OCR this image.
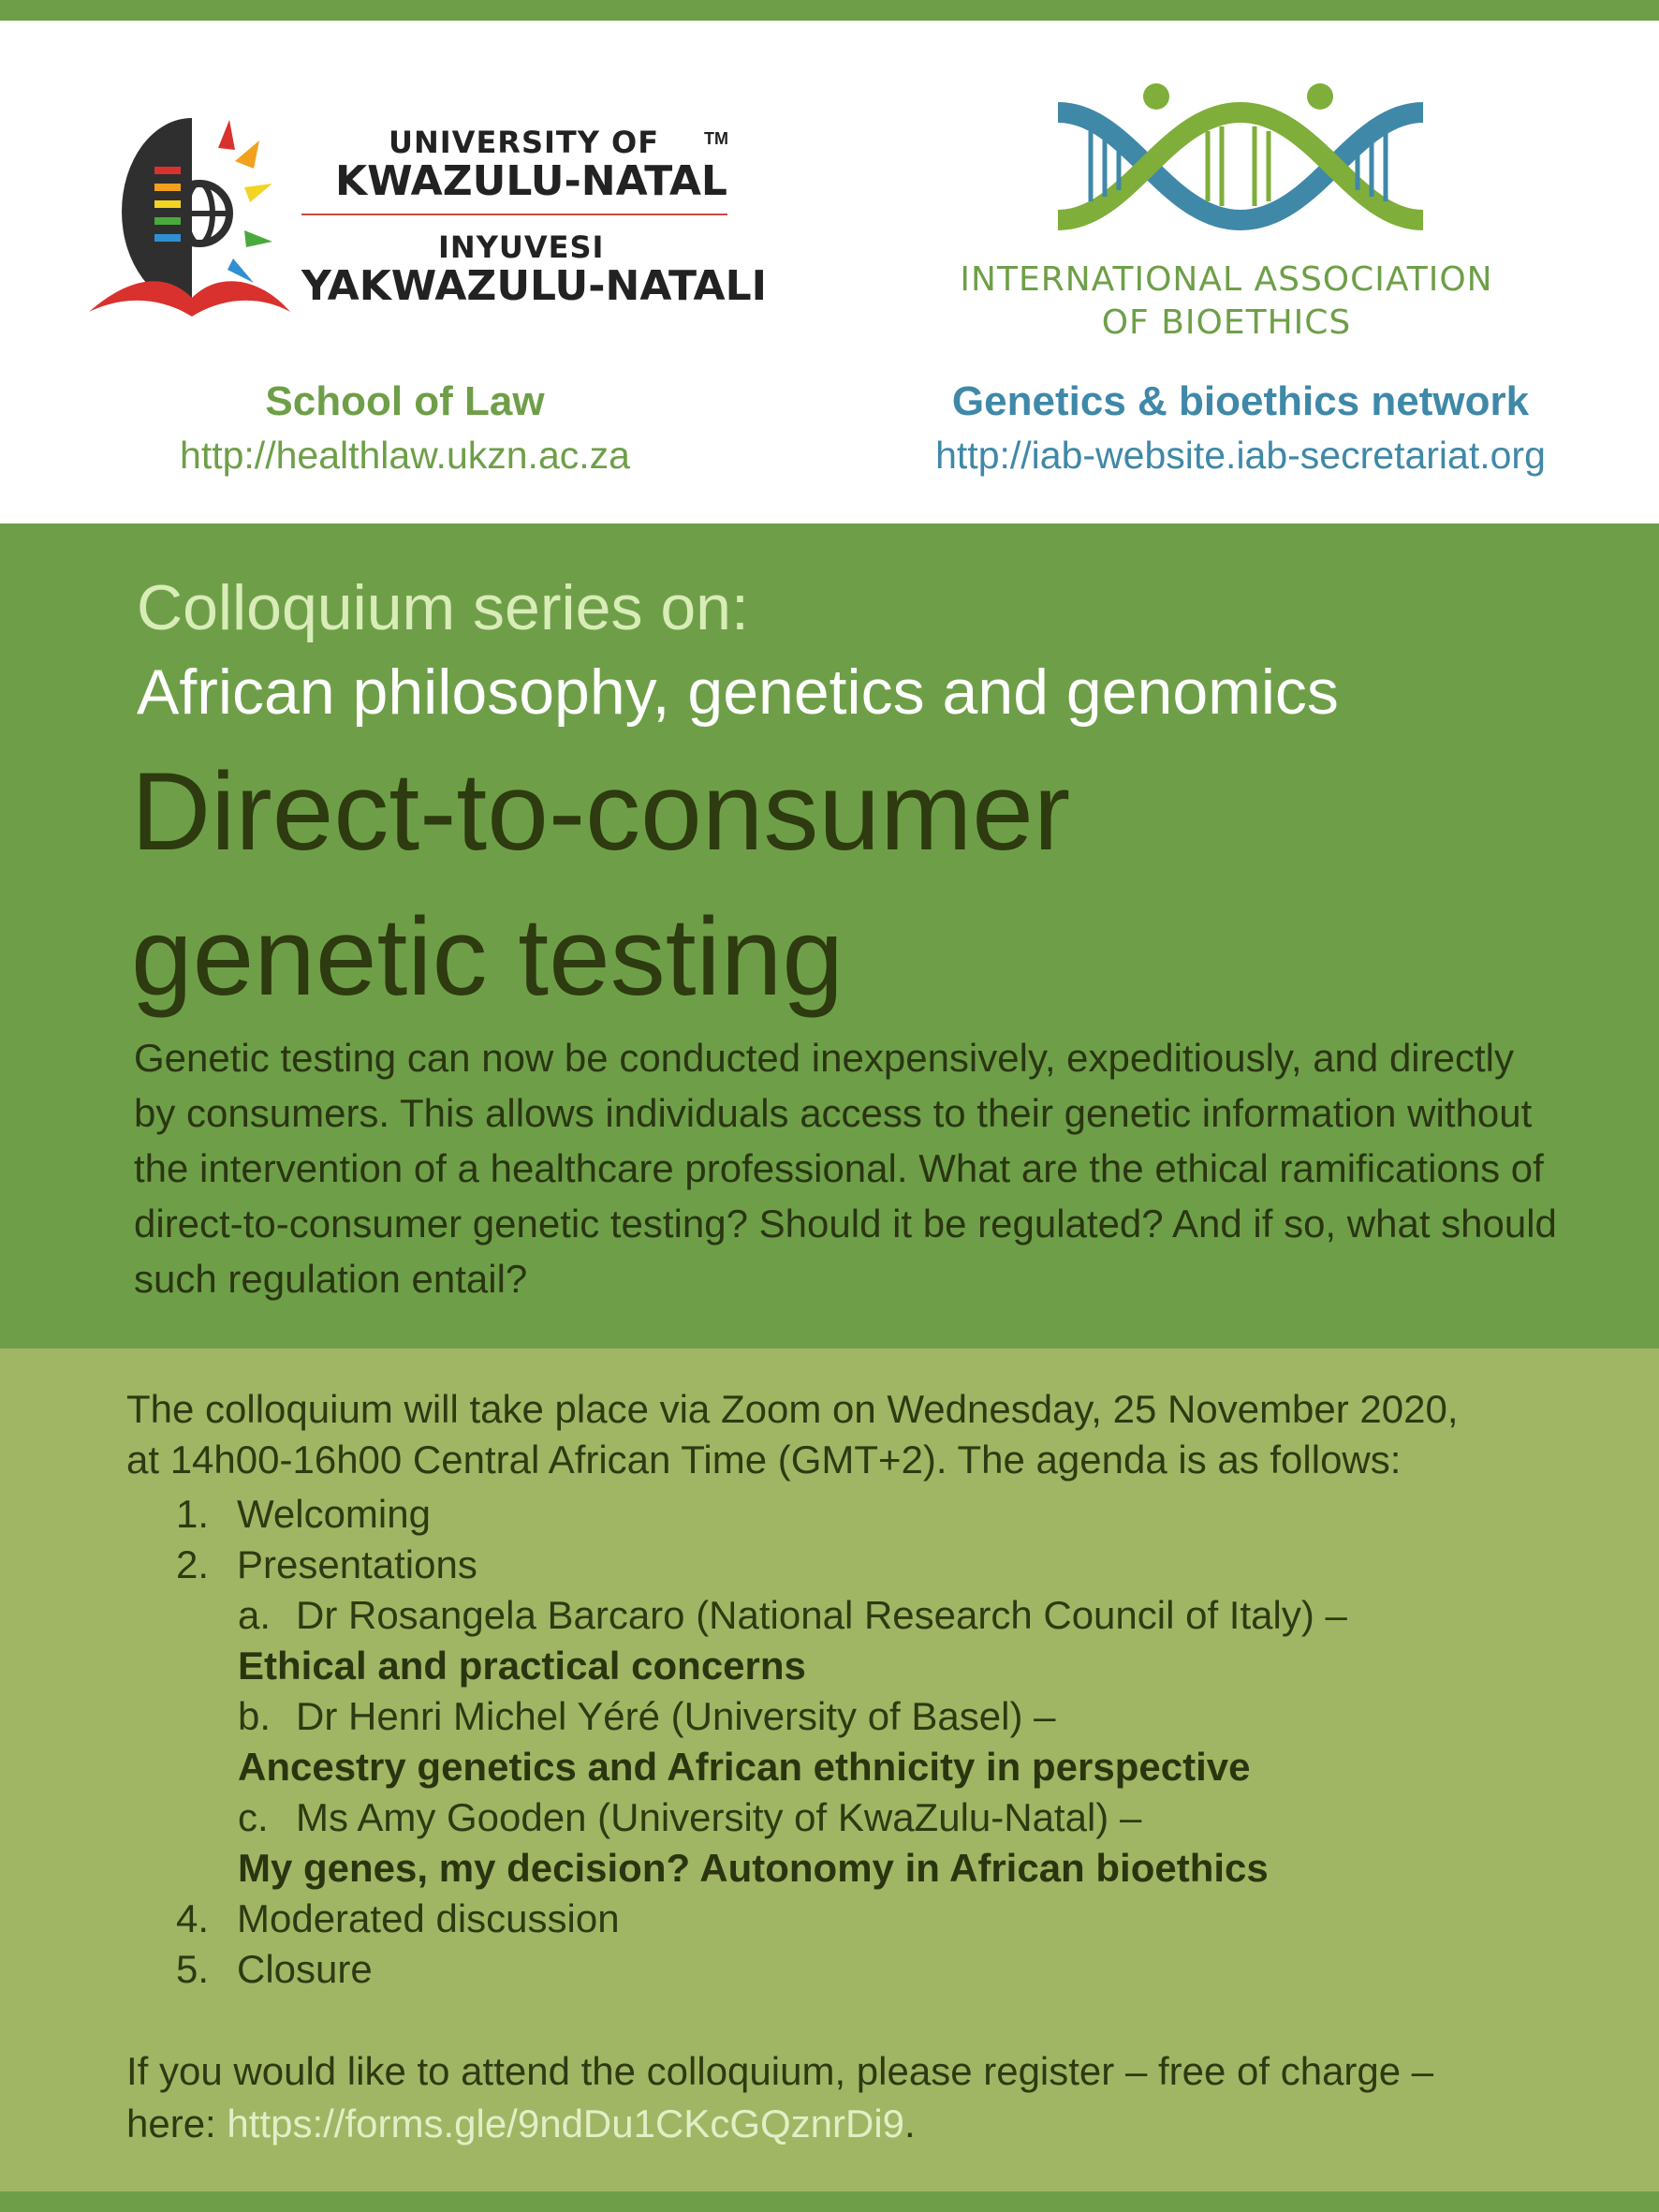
UNIVERSITY OF	TM
KWAZULU-NATAL
INYUVESI
YAKWAZULU-NATALI	INTERNATIONAL ASSOCIATION
OF BIOETHICS
School of Law
http://healthlaw.ukzn.ac.za
Genetics & bioethics network
http://iab-website.iab-secretariat.org
Colloquium series on:
African philosophy, genetics and genomics
Direct-to-consumer
genetic testing
Genetic testing can now be conducted inexpensively, expeditiously, and directly by consumers. This allows individuals access to their genetic information without the intervention of a healthcare professional. What are the ethical ramifications of direct-to-consumer genetic testing? Should it be regulated? And if so, what should such regulation entail?
The colloquium will take place via Zoom on Wednesday, 25 November 2020,
at 14h00-16h00 Central African Time (GMT+2). The agenda is as follows:
1. Welcoming
2. Presentations
a. Dr Rosangela Barcaro (National Research Council of Italy) –
Ethical and practical concerns
b. Dr Henri Michel Yéré (University of Basel) –
Ancestry genetics and African ethnicity in perspective
c. Ms Amy Gooden (University of KwaZulu-Natal) –
My genes, my decision? Autonomy in African bioethics
4. Moderated discussion
5. Closure
If you would like to attend the colloquium, please register – free of charge –
here: https://forms.gle/9ndDu1CKcGQznrDi9.
